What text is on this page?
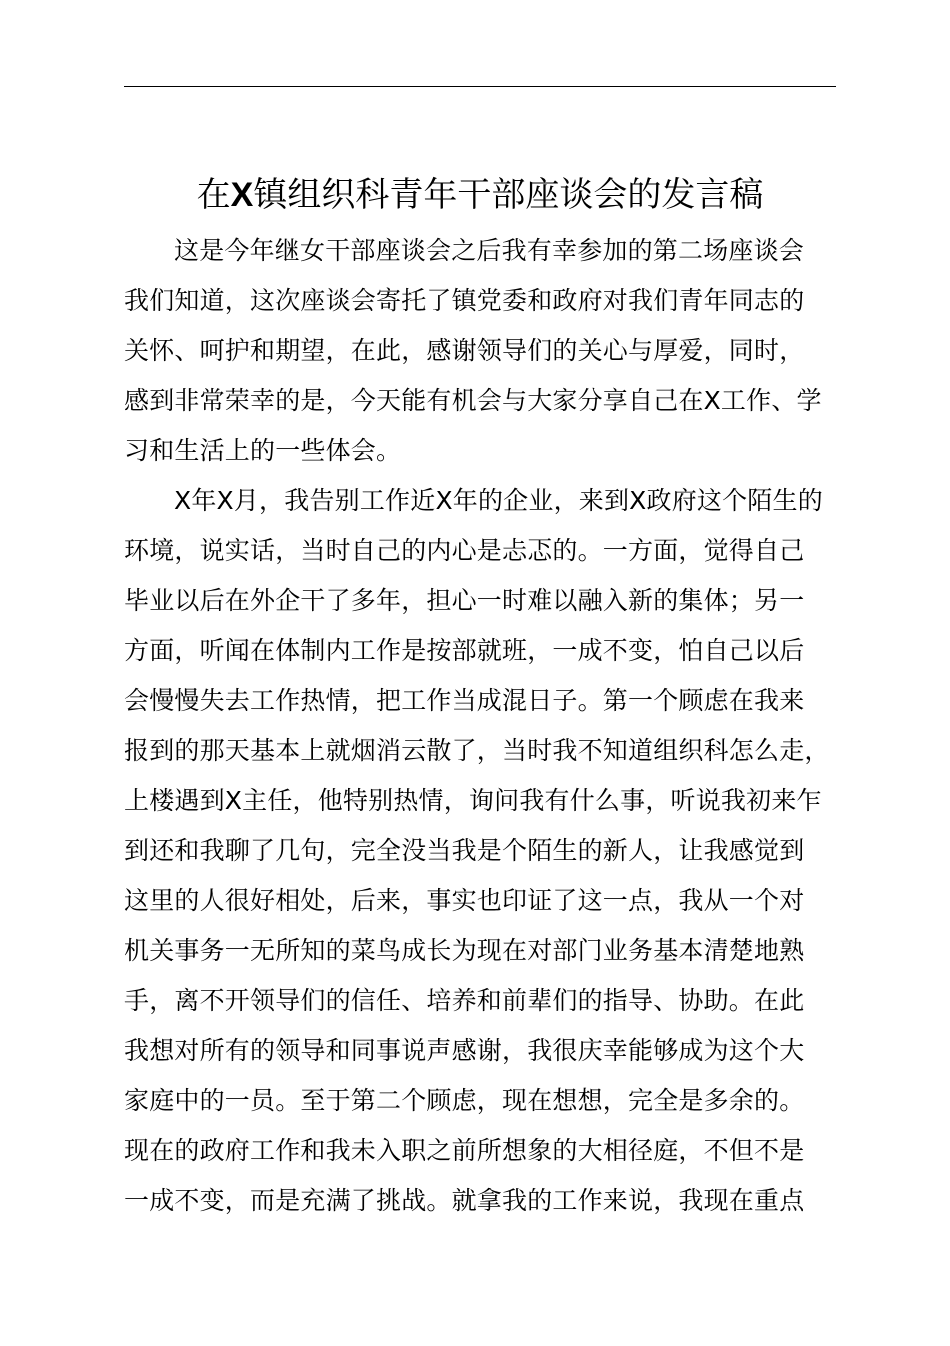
在X镇组织科青年干部座谈会的发言稿
这是今年继女干部座谈会之后我有幸参加的第二场座谈会
我们知道，这次座谈会寄托了镇党委和政府对我们青年同志的
关怀、呵护和期望，在此，感谢领导们的关心与厚爱，同时，
感到非常荣幸的是，今天能有机会与大家分享自己在X工作、学
习和生活上的一些体会。
X年X月，我告别工作近X年的企业，来到X政府这个陌生的
环境，说实话，当时自己的内心是忐忑的。一方面，觉得自己
毕业以后在外企干了多年，担心一时难以融入新的集体；另一
方面，听闻在体制内工作是按部就班，一成不变，怕自己以后
会慢慢失去工作热情，把工作当成混日子。第一个顾虑在我来
报到的那天基本上就烟消云散了，当时我不知道组织科怎么走，
上楼遇到X主任，他特别热情，询问我有什么事，听说我初来乍
到还和我聊了几句，完全没当我是个陌生的新人，让我感觉到
这里的人很好相处，后来，事实也印证了这一点，我从一个对
机关事务一无所知的菜鸟成长为现在对部门业务基本清楚地熟
手，离不开领导们的信任、培养和前辈们的指导、协助。在此
我想对所有的领导和同事说声感谢，我很庆幸能够成为这个大
家庭中的一员。至于第二个顾虑，现在想想，完全是多余的。
现在的政府工作和我未入职之前所想象的大相径庭，不但不是
一成不变，而是充满了挑战。就拿我的工作来说，我现在重点
